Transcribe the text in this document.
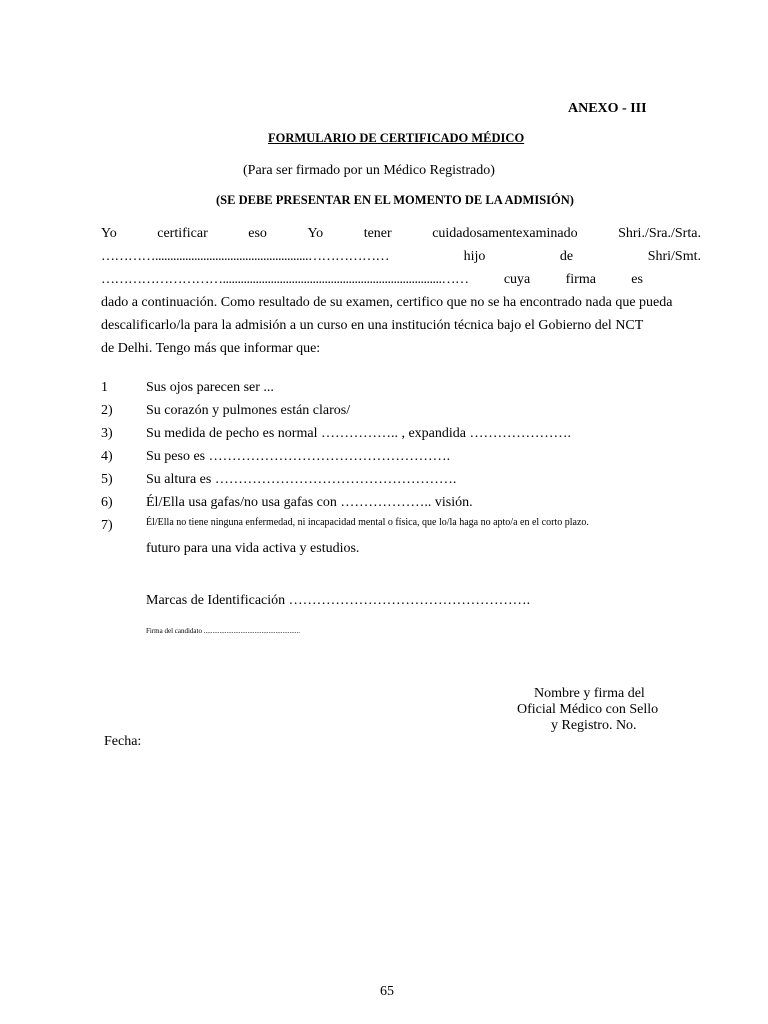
ANEXO - III
FORMULARIO DE CERTIFICADO MÉDICO
(Para ser firmado por un Médico Registrado)
(SE DEBE PRESENTAR EN EL MOMENTO DE LA ADMISIÓN)
Yo	certificar	eso	Yo	tener	cuidadosamentexaminado	Shri./Sra./Srta.
…………...................................................………………	hijo	de	Shri/Smt.
……………………….........................................................................……	cuya	firma	es
dado a continuación. Como resultado de su examen, certifico que no se ha encontrado nada que pueda
descalificarlo/la para la admisión a un curso en una institución técnica bajo el Gobierno del NCT
de Delhi. Tengo más que informar que:
1	Sus ojos parecen ser ...
2) Su corazón y pulmones están claros/
3) Su medida de pecho es normal …………….. , expandida ………………….
4) Su peso es …………………………………………….
5) Su altura es …………………………………………….
6) Él/Ella usa gafas/no usa gafas con ……………….. visión.
7)	Él/Ella no tiene ninguna enfermedad, ni incapacidad mental o física, que lo/la haga no apto/a en el corto plazo.
futuro para una vida activa y estudios.
Marcas de Identificación …………………………………………….
Firma del candidato .......................................................
Nombre y firma del
Oficial Médico con Sello
y Registro. No.
Fecha:
65
